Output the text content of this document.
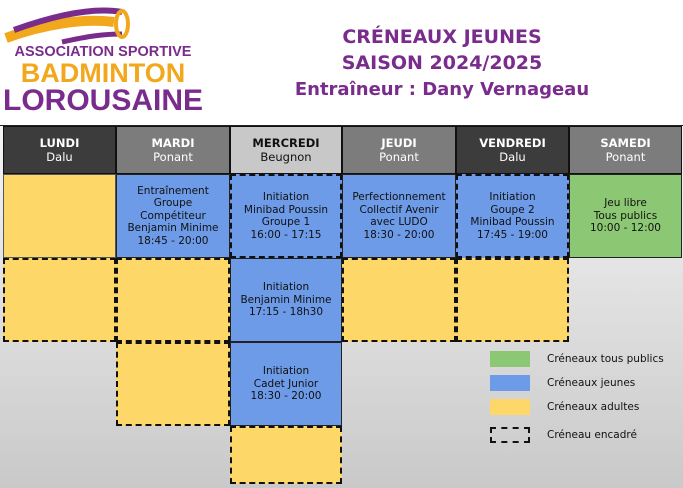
ASSOCIATION SPORTIVE
BADMINTON
LOROUSAINE
CRÉNEAUX JEUNES
SAISON 2024/2025
Entraîneur : Dany Vernageau
LUNDI
Dalu
MARDI
Ponant
MERCREDI
Beugnon
JEUDI
Ponant
VENDREDI
Dalu
SAMEDI
Ponant
Entraînement
Groupe
Compétiteur
Benjamin Minime
18:45 - 20:00
Initiation
Minibad Poussin
Groupe 1
16:00 - 17:15
Perfectionnement
Collectif Avenir
avec LUDO
18:30 - 20:00
Initiation
Goupe 2
Minibad Poussin
17:45 - 19:00
Jeu libre
Tous publics
10:00 - 12:00
Initiation
Benjamin Minime
17:15 - 18h30
Initiation
Cadet Junior
18:30 - 20:00
Créneaux tous publics
Créneaux jeunes
Créneaux adultes
Créneau encadré
